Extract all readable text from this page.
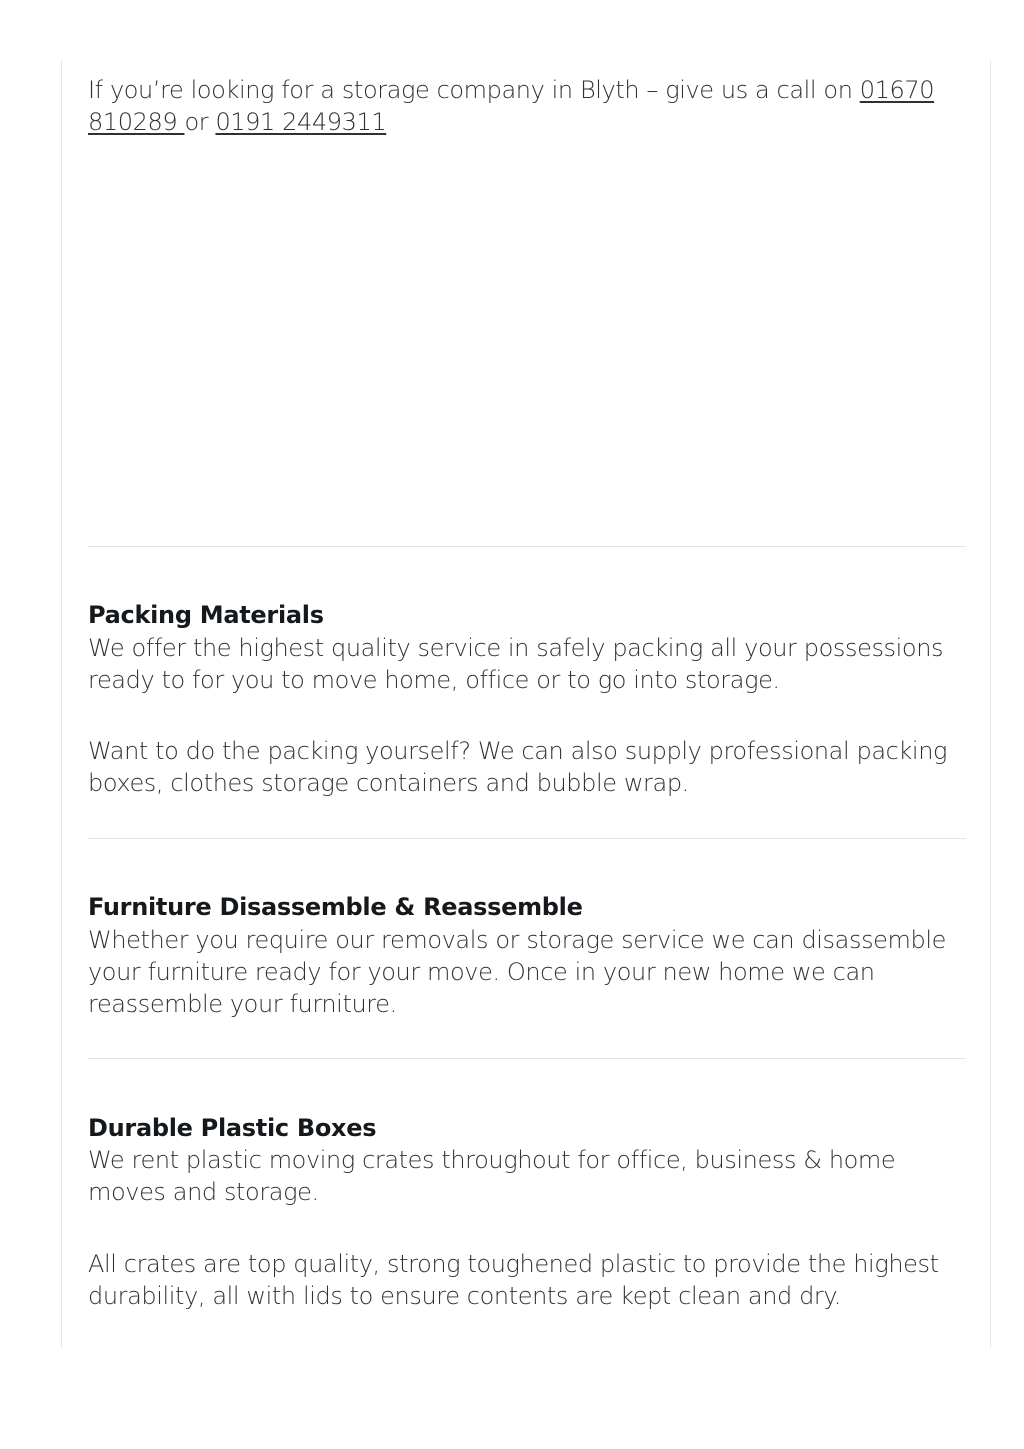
If you’re looking for a storage company in Blyth – give us a call on 01670 810289 or 0191 2449311

Packing Materials
We offer the highest quality service in safely packing all your possessions ready to for you to move home, office or to go into storage.
Want to do the packing yourself? We can also supply professional packing boxes, clothes storage containers and bubble wrap.
Furniture Disassemble & Reassemble
Whether you require our removals or storage service we can disassemble your furniture ready for your move. Once in your new home we can reassemble your furniture.
Durable Plastic Boxes
We rent plastic moving crates throughout for office, business & home moves and storage.
All crates are top quality, strong toughened plastic to provide the highest durability, all with lids to ensure contents are kept clean and dry.
